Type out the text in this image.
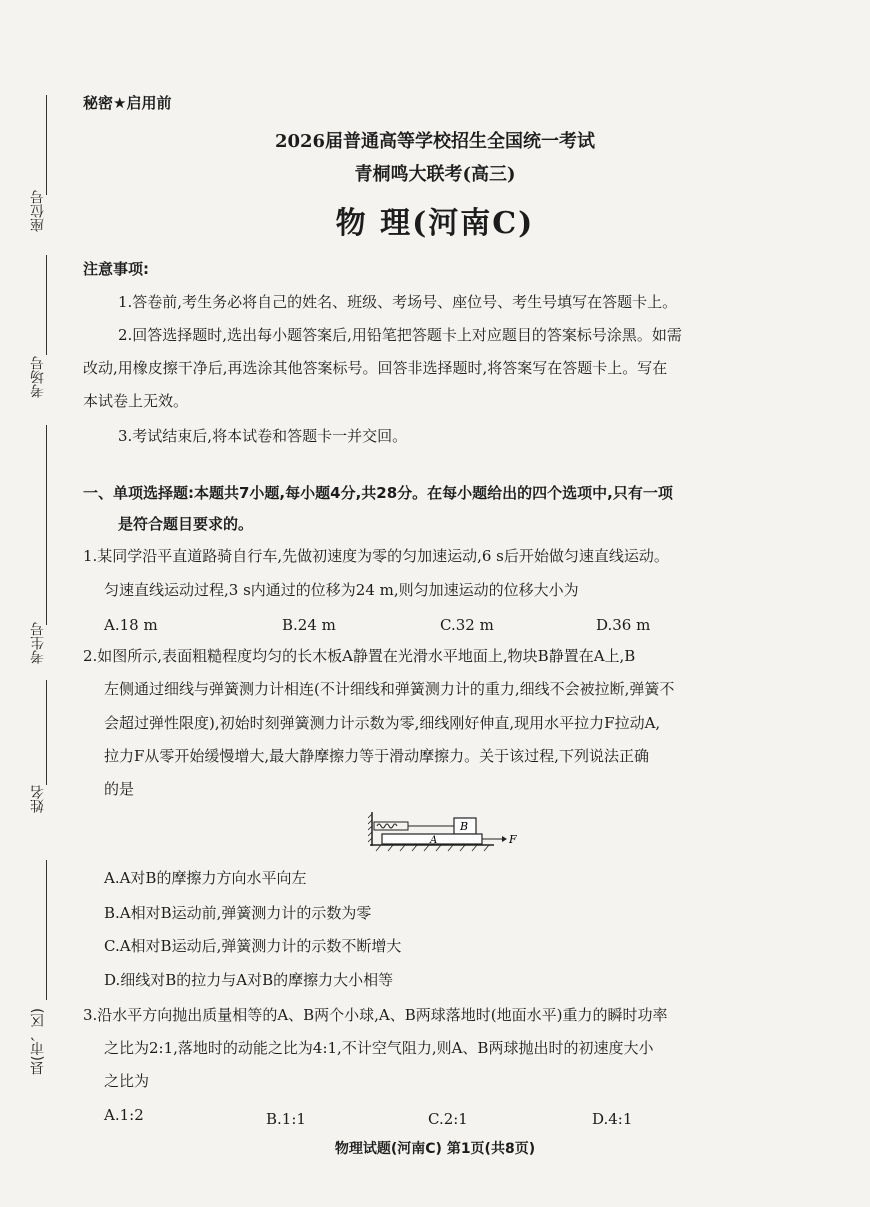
座位号
考场号
考生号
姓名
县(市、区)
秘密★启用前
2026届普通高等学校招生全国统一考试
青桐鸣大联考(高三)
物 理(河南C)
注意事项:
1.答卷前,考生务必将自己的姓名、班级、考场号、座位号、考生号填写在答题卡上。
2.回答选择题时,选出每小题答案后,用铅笔把答题卡上对应题目的答案标号涂黑。如需
改动,用橡皮擦干净后,再选涂其他答案标号。回答非选择题时,将答案写在答题卡上。写在
本试卷上无效。
3.考试结束后,将本试卷和答题卡一并交回。
一、单项选择题:本题共7小题,每小题4分,共28分。在每小题给出的四个选项中,只有一项
是符合题目要求的。
1.某同学沿平直道路骑自行车,先做初速度为零的匀加速运动,6 s后开始做匀速直线运动。
匀速直线运动过程,3 s内通过的位移为24 m,则匀加速运动的位移大小为
A.18 m	B.24 m	C.32 m	D.36 m
2.如图所示,表面粗糙程度均匀的长木板A静置在光滑水平地面上,物块B静置在A上,B
左侧通过细线与弹簧测力计相连(不计细线和弹簧测力计的重力,细线不会被拉断,弹簧不
会超过弹性限度),初始时刻弹簧测力计示数为零,细线刚好伸直,现用水平拉力F拉动A,
拉力F从零开始缓慢增大,最大静摩擦力等于滑动摩擦力。关于该过程,下列说法正确
的是
B
A	F
A.A对B的摩擦力方向水平向左
B.A相对B运动前,弹簧测力计的示数为零
C.A相对B运动后,弹簧测力计的示数不断增大
D.细线对B的拉力与A对B的摩擦力大小相等
3.沿水平方向抛出质量相等的A、B两个小球,A、B两球落地时(地面水平)重力的瞬时功率
之比为2:1,落地时的动能之比为4:1,不计空气阻力,则A、B两球抛出时的初速度大小
之比为
A.1:2	B.1:1	C.2:1	D.4:1
物理试题(河南C) 第1页(共8页)
